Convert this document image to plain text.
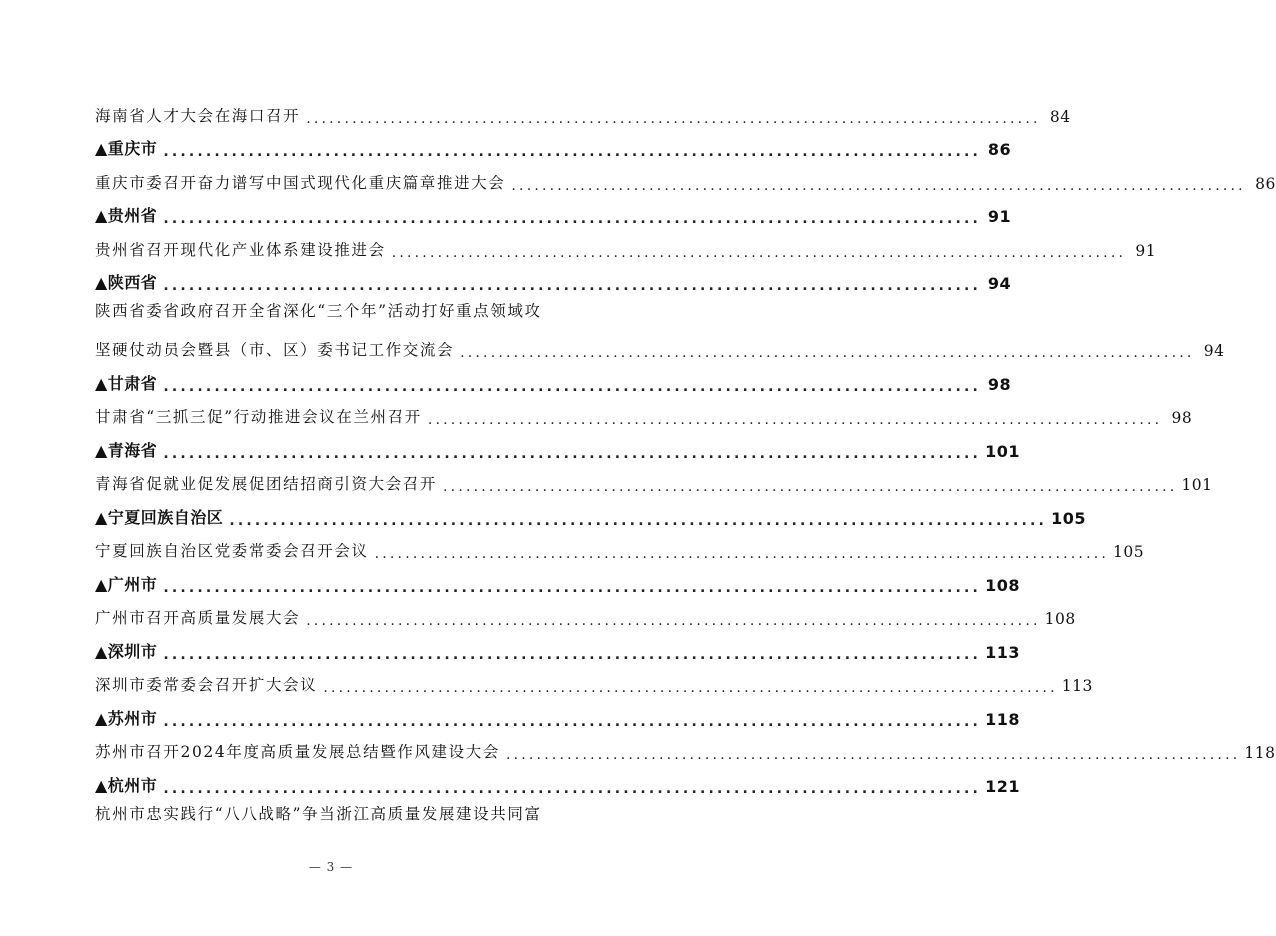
海南省人才大会在海口召开 .....	84
▲重庆市 .....	86
重庆市委召开奋力谱写中国式现代化重庆篇章推进大会 .....	86
▲贵州省 .....	91
贵州省召开现代化产业体系建设推进会 .....	91
▲陕西省 .....	94
陕西省委省政府召开全省深化“三个年”活动打好重点领域攻
坚硬仗动员会暨县（市、区）委书记工作交流会 .....	94
▲甘肃省 .....	98
甘肃省“三抓三促”行动推进会议在兰州召开 .....	98
▲青海省 .....	101
青海省促就业促发展促团结招商引资大会召开 .....	101
▲宁夏回族自治区 .....	105
宁夏回族自治区党委常委会召开会议 .....	105
▲广州市 .....	108
广州市召开高质量发展大会 .....	108
▲深圳市 .....	113
深圳市委常委会召开扩大会议 .....	113
▲苏州市 .....	118
苏州市召开2024年度高质量发展总结暨作风建设大会 .....	118
▲杭州市 .....	121
杭州市忠实践行“八八战略”争当浙江高质量发展建设共同富
— 3 —
